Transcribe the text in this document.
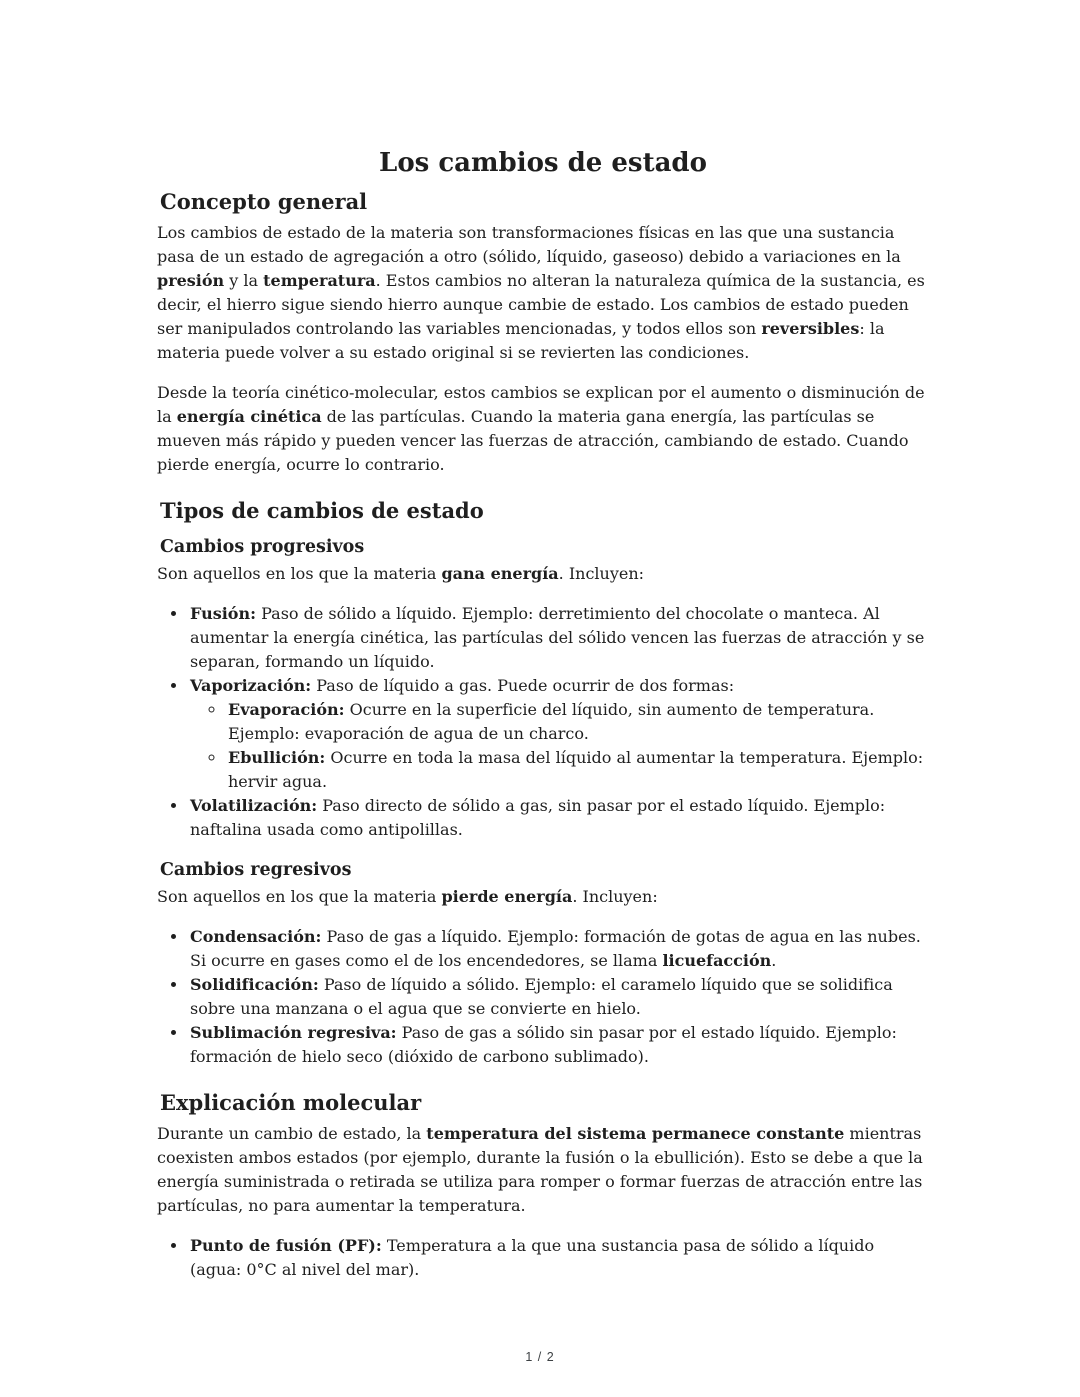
Los cambios de estado
Concepto general

Los cambios de estado de la materia son transformaciones físicas en las que una sustancia pasa de un estado de agregación a otro (sólido, líquido, gaseoso) debido a variaciones en la presión y la temperatura. Estos cambios no alteran la naturaleza química de la sustancia, es decir, el hierro sigue siendo hierro aunque cambie de estado. Los cambios de estado pueden ser manipulados controlando las variables mencionadas, y todos ellos son reversibles: la materia puede volver a su estado original si se revierten las condiciones.

Desde la teoría cinético-molecular, estos cambios se explican por el aumento o disminución de la energía cinética de las partículas. Cuando la materia gana energía, las partículas se mueven más rápido y pueden vencer las fuerzas de atracción, cambiando de estado. Cuando pierde energía, ocurre lo contrario.

Tipos de cambios de estado
Cambios progresivos

Son aquellos en los que la materia gana energía. Incluyen:

• Fusión: Paso de sólido a líquido. Ejemplo: derretimiento del chocolate o manteca. Al aumentar la energía cinética, las partículas del sólido vencen las fuerzas de atracción y se separan, formando un líquido.
• Vaporización: Paso de líquido a gas. Puede ocurrir de dos formas:
◦ Evaporación: Ocurre en la superficie del líquido, sin aumento de temperatura. Ejemplo: evaporación de agua de un charco.
◦ Ebullición: Ocurre en toda la masa del líquido al aumentar la temperatura. Ejemplo: hervir agua.
• Volatilización: Paso directo de sólido a gas, sin pasar por el estado líquido. Ejemplo: naftalina usada como antipolillas.
Cambios regresivos

Son aquellos en los que la materia pierde energía. Incluyen:

• Condensación: Paso de gas a líquido. Ejemplo: formación de gotas de agua en las nubes. Si ocurre en gases como el de los encendedores, se llama licuefacción.
• Solidificación: Paso de líquido a sólido. Ejemplo: el caramelo líquido que se solidifica sobre una manzana o el agua que se convierte en hielo.
• Sublimación regresiva: Paso de gas a sólido sin pasar por el estado líquido. Ejemplo: formación de hielo seco (dióxido de carbono sublimado).
Explicación molecular

Durante un cambio de estado, la temperatura del sistema permanece constante mientras coexisten ambos estados (por ejemplo, durante la fusión o la ebullición). Esto se debe a que la energía suministrada o retirada se utiliza para romper o formar fuerzas de atracción entre las partículas, no para aumentar la temperatura.

• Punto de fusión (PF): Temperatura a la que una sustancia pasa de sólido a líquido (agua: 0°C al nivel del mar).
1 / 2
